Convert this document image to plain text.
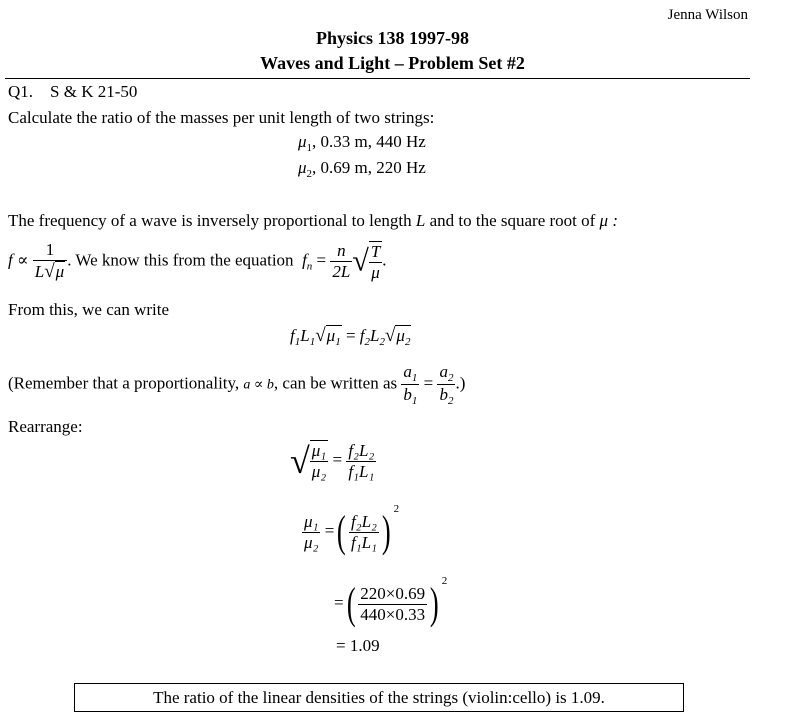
Jenna Wilson
Physics 138 1997-98
Waves and Light – Problem Set #2
Q1. S & K 21-50
Calculate the ratio of the masses per unit length of two strings:
$\mu_1$, 0.33 m, 440 Hz
$\mu_2$, 0.69 m, 220 Hz
The frequency of a wave is inversely proportional to length L and to the square root of μ :
$f \propto \frac{1}{L√\mu}$ . We know this from the equation $f_n = \frac{n}{2L}$ √ $\frac{T}{\mu}$ .
From this, we can write
$f_1L_1√\mu_1 = f_2L_2√\mu_2$
(Remember that a proportionality, a ∝ b, can be written as $\frac{a_1}{b_1} = \frac{a_2}{b_2}$ .)
Rearrange:
√ $\frac{\text{μ₁}}{\text{μ₂}} = \frac{\text{f₂L₂}}{\text{f₁L₁}}$
$\frac{\text{μ₁}}{\text{μ₂}}$ =( $\frac{\text{f₂L₂}}{\text{f₁L₁}}$ ) $^2$
=( $\frac{220\times 0.69}{440\times 0.33}$ ) $^2$
= 1.09
The ratio of the linear densities of the strings (violin:cello) is 1.09.
